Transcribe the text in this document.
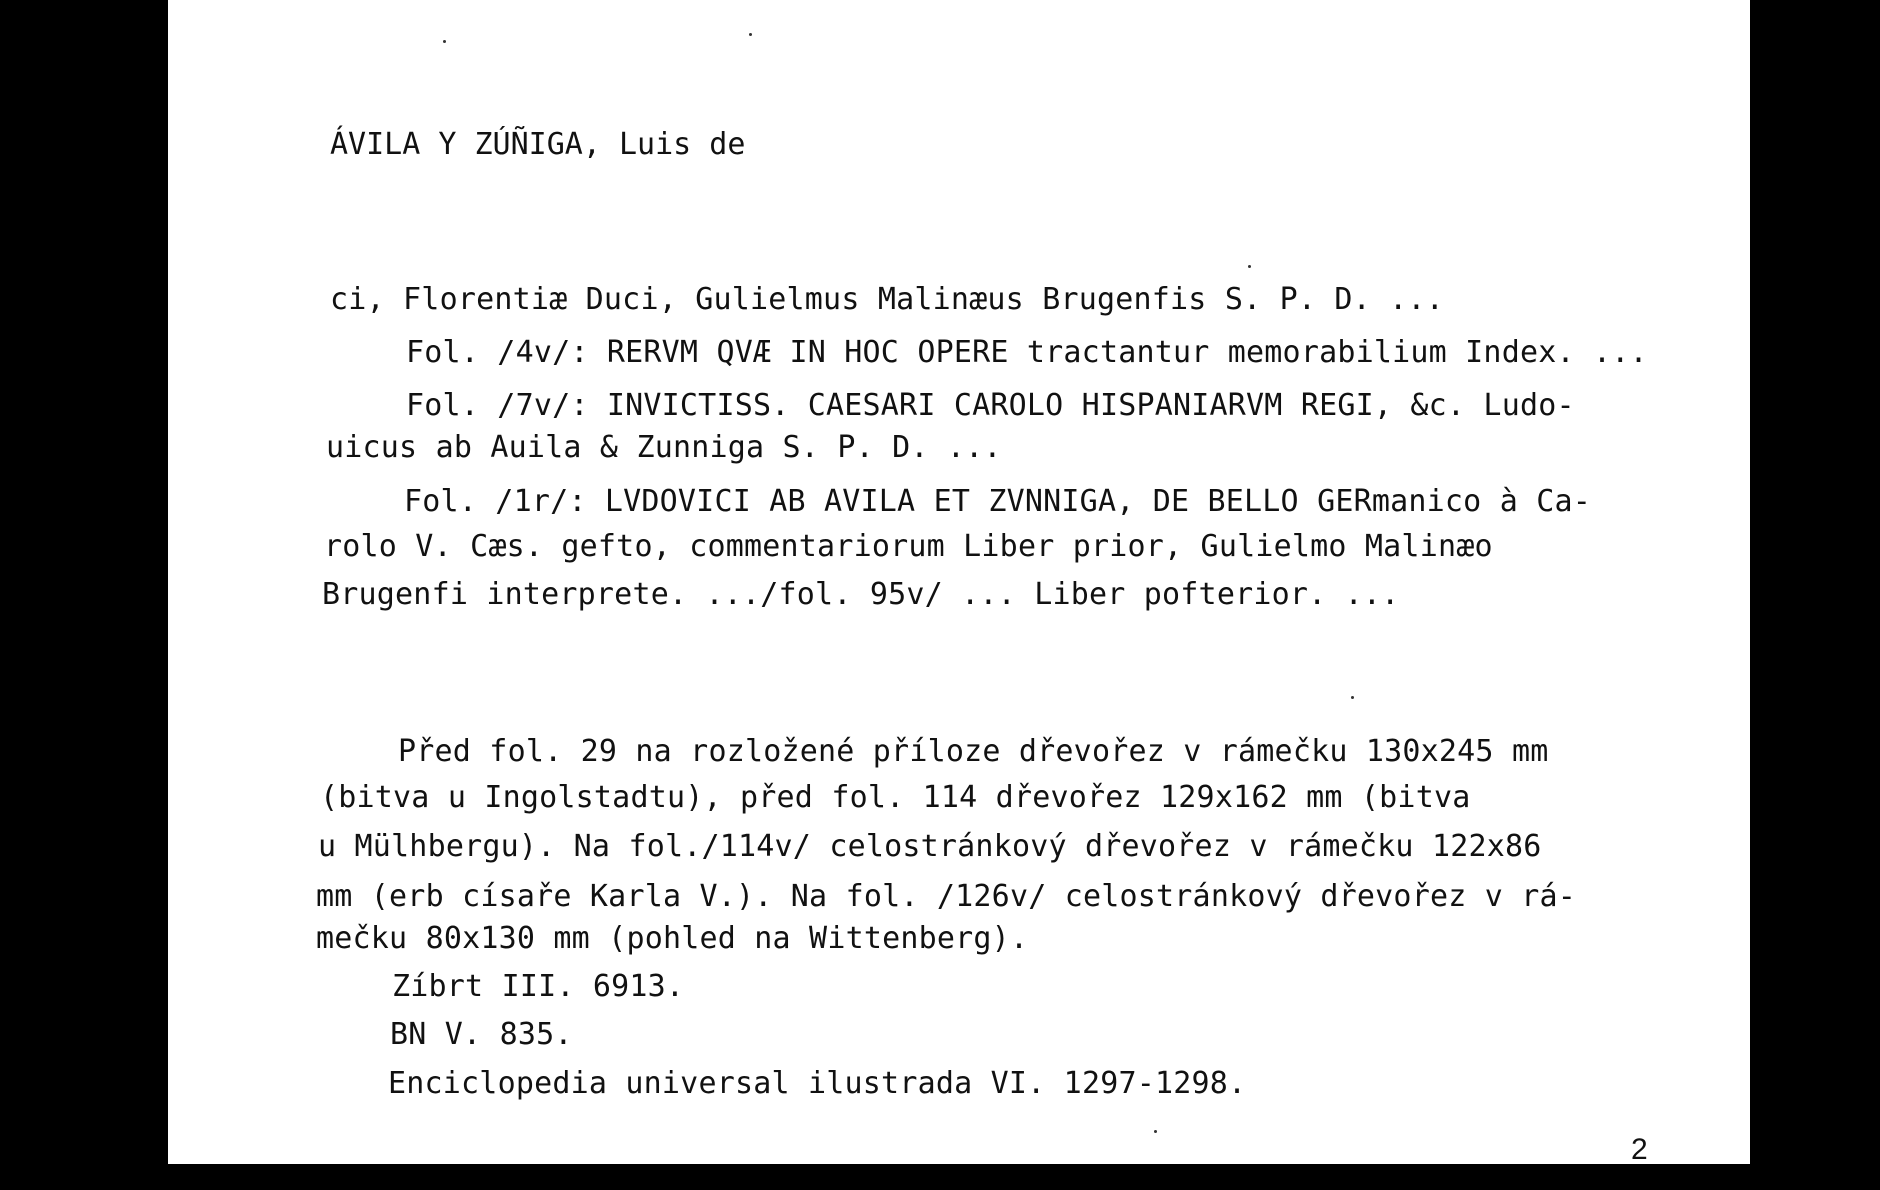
ÁVILA Y ZÚÑIGA, Luis de
ci, Florentiæ Duci, Gulielmus Malinæus Brugenfis S. P. D. ...
Fol. /4v/: RERVM QVÆ IN HOC OPERE tractantur memorabilium Index. ...
Fol. /7v/: INVICTISS. CAESARI CAROLO HISPANIARVM REGI, &c. Ludo-
uicus ab Auila & Zunniga S. P. D. ...
Fol. /1r/: LVDOVICI AB AVILA ET ZVNNIGA, DE BELLO GERmanico à Ca-
rolo V. Cæs. gefto, commentariorum Liber prior, Gulielmo Malinæo
Brugenfi interprete. .../fol. 95v/ ... Liber pofterior. ...
Před fol. 29 na rozložené příloze dřevořez v rámečku 130x245 mm
(bitva u Ingolstadtu), před fol. 114 dřevořez 129x162 mm (bitva
u Mülhbergu). Na fol./114v/ celostránkový dřevořez v rámečku 122x86
mm (erb císaře Karla V.). Na fol. /126v/ celostránkový dřevořez v rá-
mečku 80x130 mm (pohled na Wittenberg).
Zíbrt III. 6913.
BN V. 835.
Enciclopedia universal ilustrada VI. 1297-1298.
2
